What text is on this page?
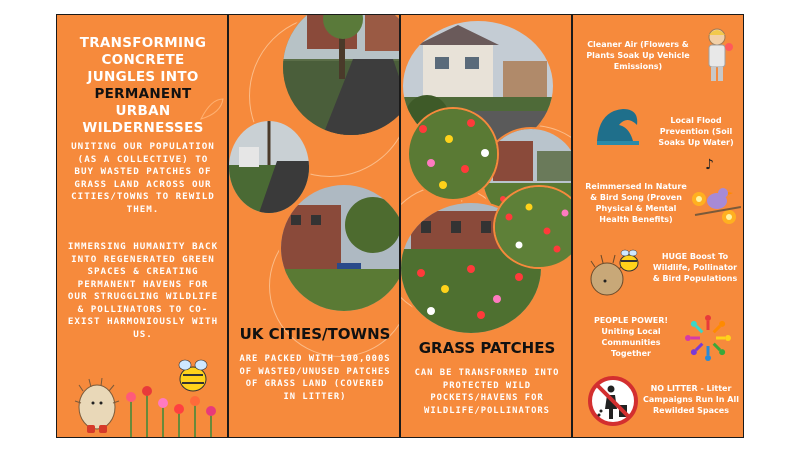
TRANSFORMING
CONCRETE
JUNGLES INTO
PERMANENT
URBAN
WILDERNESSES
UNITING OUR POPULATION (AS A COLLECTIVE) TO BUY WASTED PATCHES OF GRASS LAND ACROSS OUR CITIES/TOWNS TO REWILD THEM.
IMMERSING HUMANITY BACK INTO REGENERATED GREEN SPACES & CREATING PERMANENT HAVENS FOR OUR STRUGGLING WILDLIFE & POLLINATORS TO CO-EXIST HARMONIOUSLY WITH US.	UK CITIES/TOWNS
ARE PACKED WITH 100,000S OF WASTED/UNUSED PATCHES OF GRASS LAND (COVERED IN LITTER)
GRASS PATCHES
CAN BE TRANSFORMED INTO PROTECTED WILD POCKETS/HAVENS FOR WILDLIFE/POLLINATORS
Cleaner Air (Flowers & Plants Soak Up Vehicle Emissions)
Local Flood Prevention (Soil Soaks Up Water)
Reimmersed In Nature & Bird Song (Proven Physical & Mental Health Benefits)
♪
HUGE Boost To Wildlife, Pollinator & Bird Populations
PEOPLE POWER! Uniting Local Communities Together
NO LITTER - Litter Campaigns Run In All Rewilded Spaces
